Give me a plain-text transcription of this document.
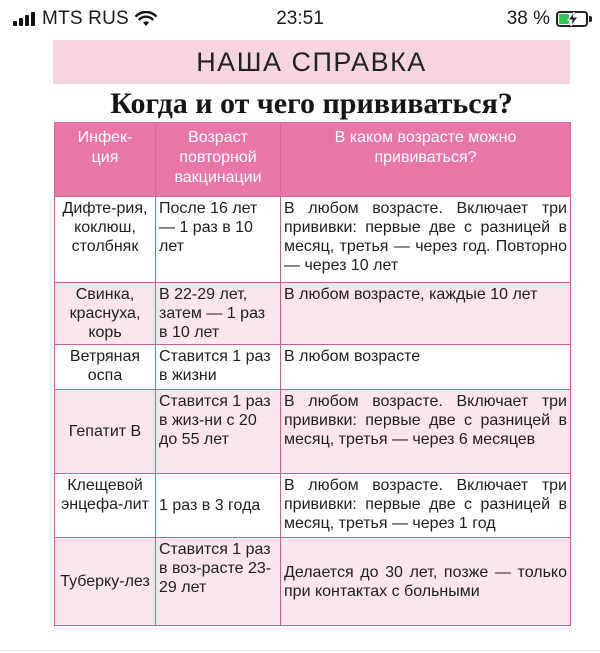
MTS RUS	23:51	38 %
НАША СПРАВКА
Когда и от чего прививаться?
Инфек-ция	Возраст повторной вакцинации	В каком возрасте можно прививаться?

Дифте-рия, коклюш, столбняк	После 16 лет — 1 раз в 10 лет	В любом возрасте. Включает три прививки: первые две с разницей в месяц, третья — через год. Повторно — через 10 лет
Свинка, краснуха, корь	В 22-29 лет, затем — 1 раз в 10 лет	В любом возрасте, каждые 10 лет
Ветряная оспа	Ставится 1 раз в жизни	В любом возрасте
Гепатит В	Ставится 1 раз в жиз-ни с 20 до 55 лет	В любом возрасте. Включает три прививки: первые две с разницей в месяц, третья — через 6 месяцев
Клещевой энцефа-лит	1 раз в 3 года	В любом возрасте. Включает три прививки: первые две с разницей в месяц, третья — через 1 год
Туберку-лез	Ставится 1 раз в воз-расте 23-29 лет	Делается до 30 лет, позже — только при контактах с больными
